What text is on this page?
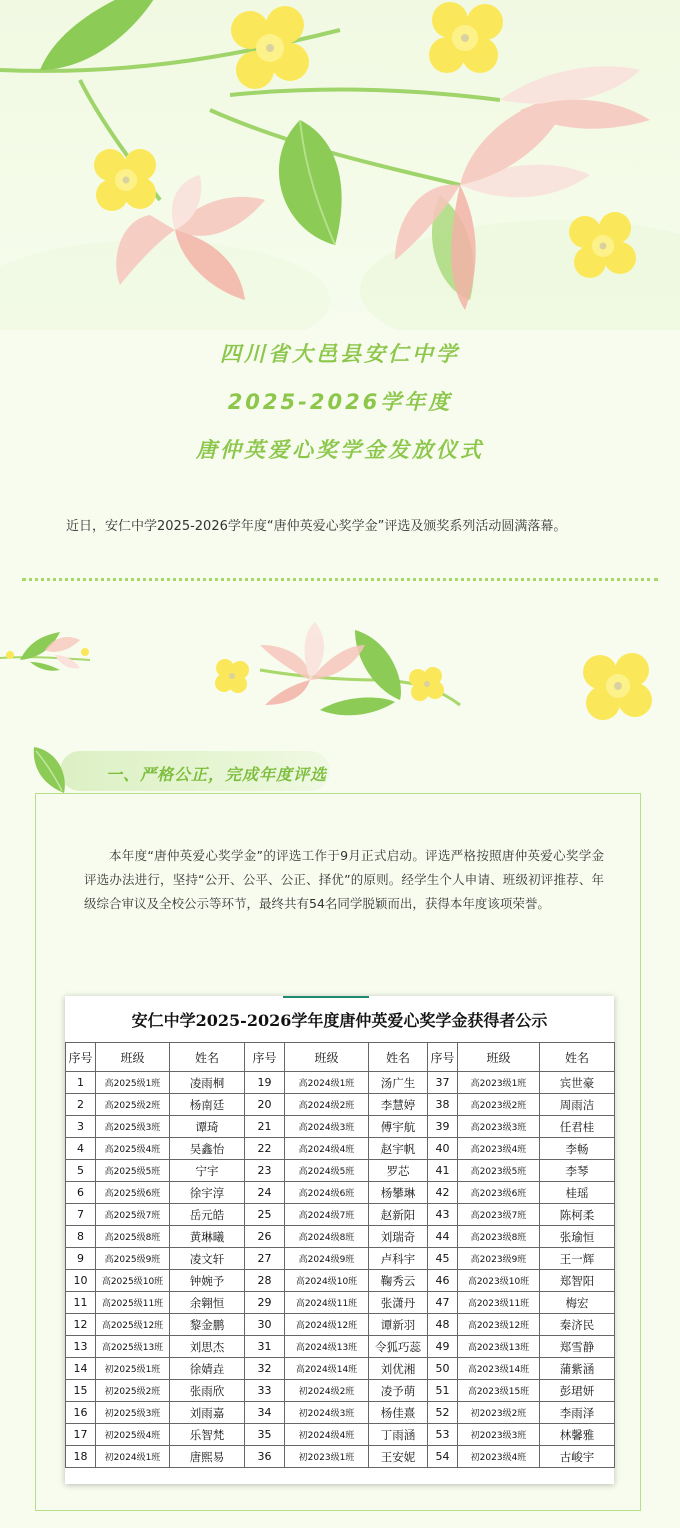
四川省大邑县安仁中学
2025-2026学年度
唐仲英爱心奖学金发放仪式
近日，安仁中学2025-2026学年度“唐仲英爱心奖学金”评选及颁奖系列活动圆满落幕。
本年度“唐仲英爱心奖学金”的评选工作于9月正式启动。评选严格按照唐仲英爱心奖学金评选办法进行，坚持“公开、公平、公正、择优”的原则。经学生个人申请、班级初评推荐、年级综合审议及全校公示等环节，最终共有54名同学脱颖而出，获得本年度该项荣誉。
安仁中学2025-2026学年度唐仲英爱心奖学金获得者公示
序号	班级	姓名	序号	班级	姓名	序号	班级	姓名
1	高2025级1班	凌雨桐	19	高2024级1班	汤广生	37	高2023级1班	宾世豪
2	高2025级2班	杨南廷	20	高2024级2班	李慧婷	38	高2023级2班	周雨洁
3	高2025级3班	谭琦	21	高2024级3班	傅宇航	39	高2023级3班	任君桂
4	高2025级4班	吴鑫怡	22	高2024级4班	赵宇帆	40	高2023级4班	李畅
5	高2025级5班	宁宇	23	高2024级5班	罗芯	41	高2023级5班	李琴
6	高2025级6班	徐宇淳	24	高2024级6班	杨攀琳	42	高2023级6班	桂瑶
7	高2025级7班	岳元皓	25	高2024级7班	赵新阳	43	高2023级7班	陈柯柔
8	高2025级8班	黄琳曦	26	高2024级8班	刘瑞奇	44	高2023级8班	张瑜恒
9	高2025级9班	凌文轩	27	高2024级9班	卢科宇	45	高2023级9班	王一辉
10	高2025级10班	钟婉予	28	高2024级10班	鞠秀云	46	高2023级10班	郑智阳
11	高2025级11班	余翱恒	29	高2024级11班	张潇丹	47	高2023级11班	梅宏
12	高2025级12班	黎金鹏	30	高2024级12班	谭新羽	48	高2023级12班	秦济民
13	高2025级13班	刘思杰	31	高2024级13班	令狐巧蕊	49	高2023级13班	郑雪静
14	初2025级1班	徐婧垚	32	高2024级14班	刘优湘	50	高2023级14班	蒲紫涵
15	初2025级2班	张雨欣	33	初2024级2班	凌予萌	51	高2023级15班	彭珺妍
16	初2025级3班	刘雨嘉	34	初2024级3班	杨佳熹	52	初2023级2班	李雨泽
17	初2025级4班	乐智梵	35	初2024级4班	丁雨涵	53	初2023级3班	林馨雅
18	初2024级1班	唐熙易	36	初2023级1班	王安妮	54	初2023级4班	古峻宇
一、严格公正，完成年度评选
